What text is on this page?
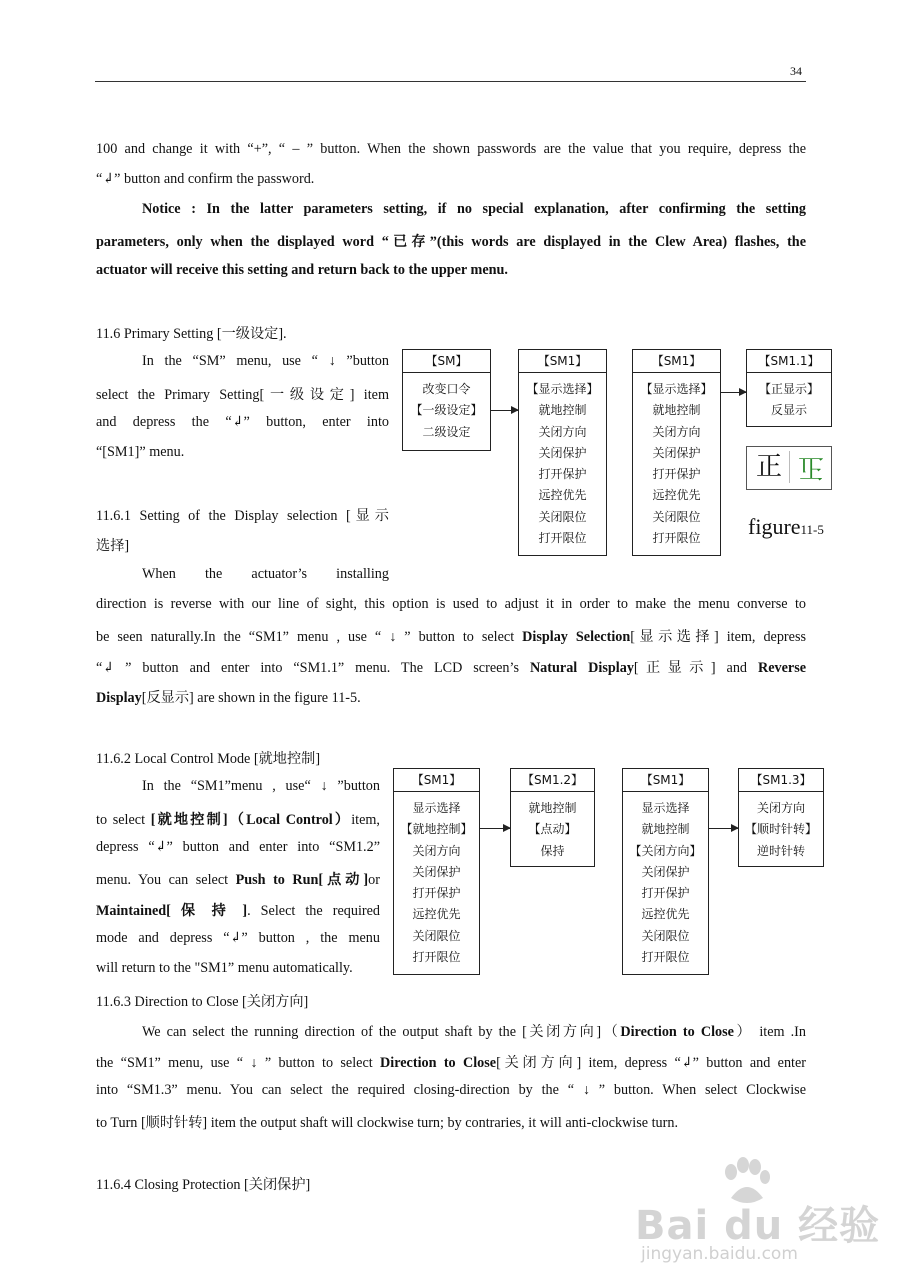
34
100 and change it with “+”, “ – ” button. When the shown passwords are the value that you require, depress the
“↲” button and confirm the password.
Notice : In the latter parameters setting, if no special explanation, after confirming the setting
parameters, only when the displayed word “已存”(this words are displayed in the Clew Area) flashes, the
actuator will receive this setting and return back to the upper menu.
11.6 Primary Setting [一级设定].
In the “SM” menu, use “ ↓ ”button
select the Primary Setting[一级设定] item
and depress the “↲” button, enter into
“[SM1]” menu.
11.6.1 Setting of the Display selection [显示
选择]
When the actuator’s installing
direction is reverse with our line of sight, this option is used to adjust it in order to make the menu converse to
be seen naturally.In the “SM1” menu , use “ ↓ ” button to select Display Selection[显示选择] item, depress
“↲ ” button and enter into “SM1.1” menu. The LCD screen’s Natural Display[正显示] and Reverse
Display[反显示] are shown in the figure 11-5.
【SM】
改变口令
【一级设定】
二级设定
【SM1】
【显示选择】
就地控制
关闭方向
关闭保护
打开保护
远控优先
关闭限位
打开限位
【SM1】
【显示选择】
就地控制
关闭方向
关闭保护
打开保护
远控优先
关闭限位
打开限位
【SM1.1】
【正显示】
反显示
正 正
figure11-5
11.6.2 Local Control Mode [就地控制]
In the “SM1”menu , use“ ↓ ”button
to select [就地控制]（Local Control）item,
depress “↲” button and enter into “SM1.2”
menu. You can select Push to Run[点动]or
Maintained[ 保 持 ]. Select the required
mode and depress “↲” button , the menu
will return to the "SM1” menu automatically.
【SM1】
显示选择
【就地控制】
关闭方向
关闭保护
打开保护
远控优先
关闭限位
打开限位
【SM1.2】
就地控制
【点动】
保持
【SM1】
显示选择
就地控制
【关闭方向】
关闭保护
打开保护
远控优先
关闭限位
打开限位
【SM1.3】
关闭方向
【顺时针转】
逆时针转
11.6.3 Direction to Close [关闭方向]
We can select the running direction of the output shaft by the [关闭方向]（Direction to Close） item .In
the “SM1” menu, use “ ↓ ” button to select Direction to Close[关闭方向] item, depress “↲” button and enter
into “SM1.3” menu. You can select the required closing-direction by the “ ↓ ” button. When select Clockwise
to Turn [顺时针转] item the output shaft will clockwise turn; by contraries, it will anti-clockwise turn.
11.6.4 Closing Protection [关闭保护]
Bai du 经验
jingyan.baidu.com
